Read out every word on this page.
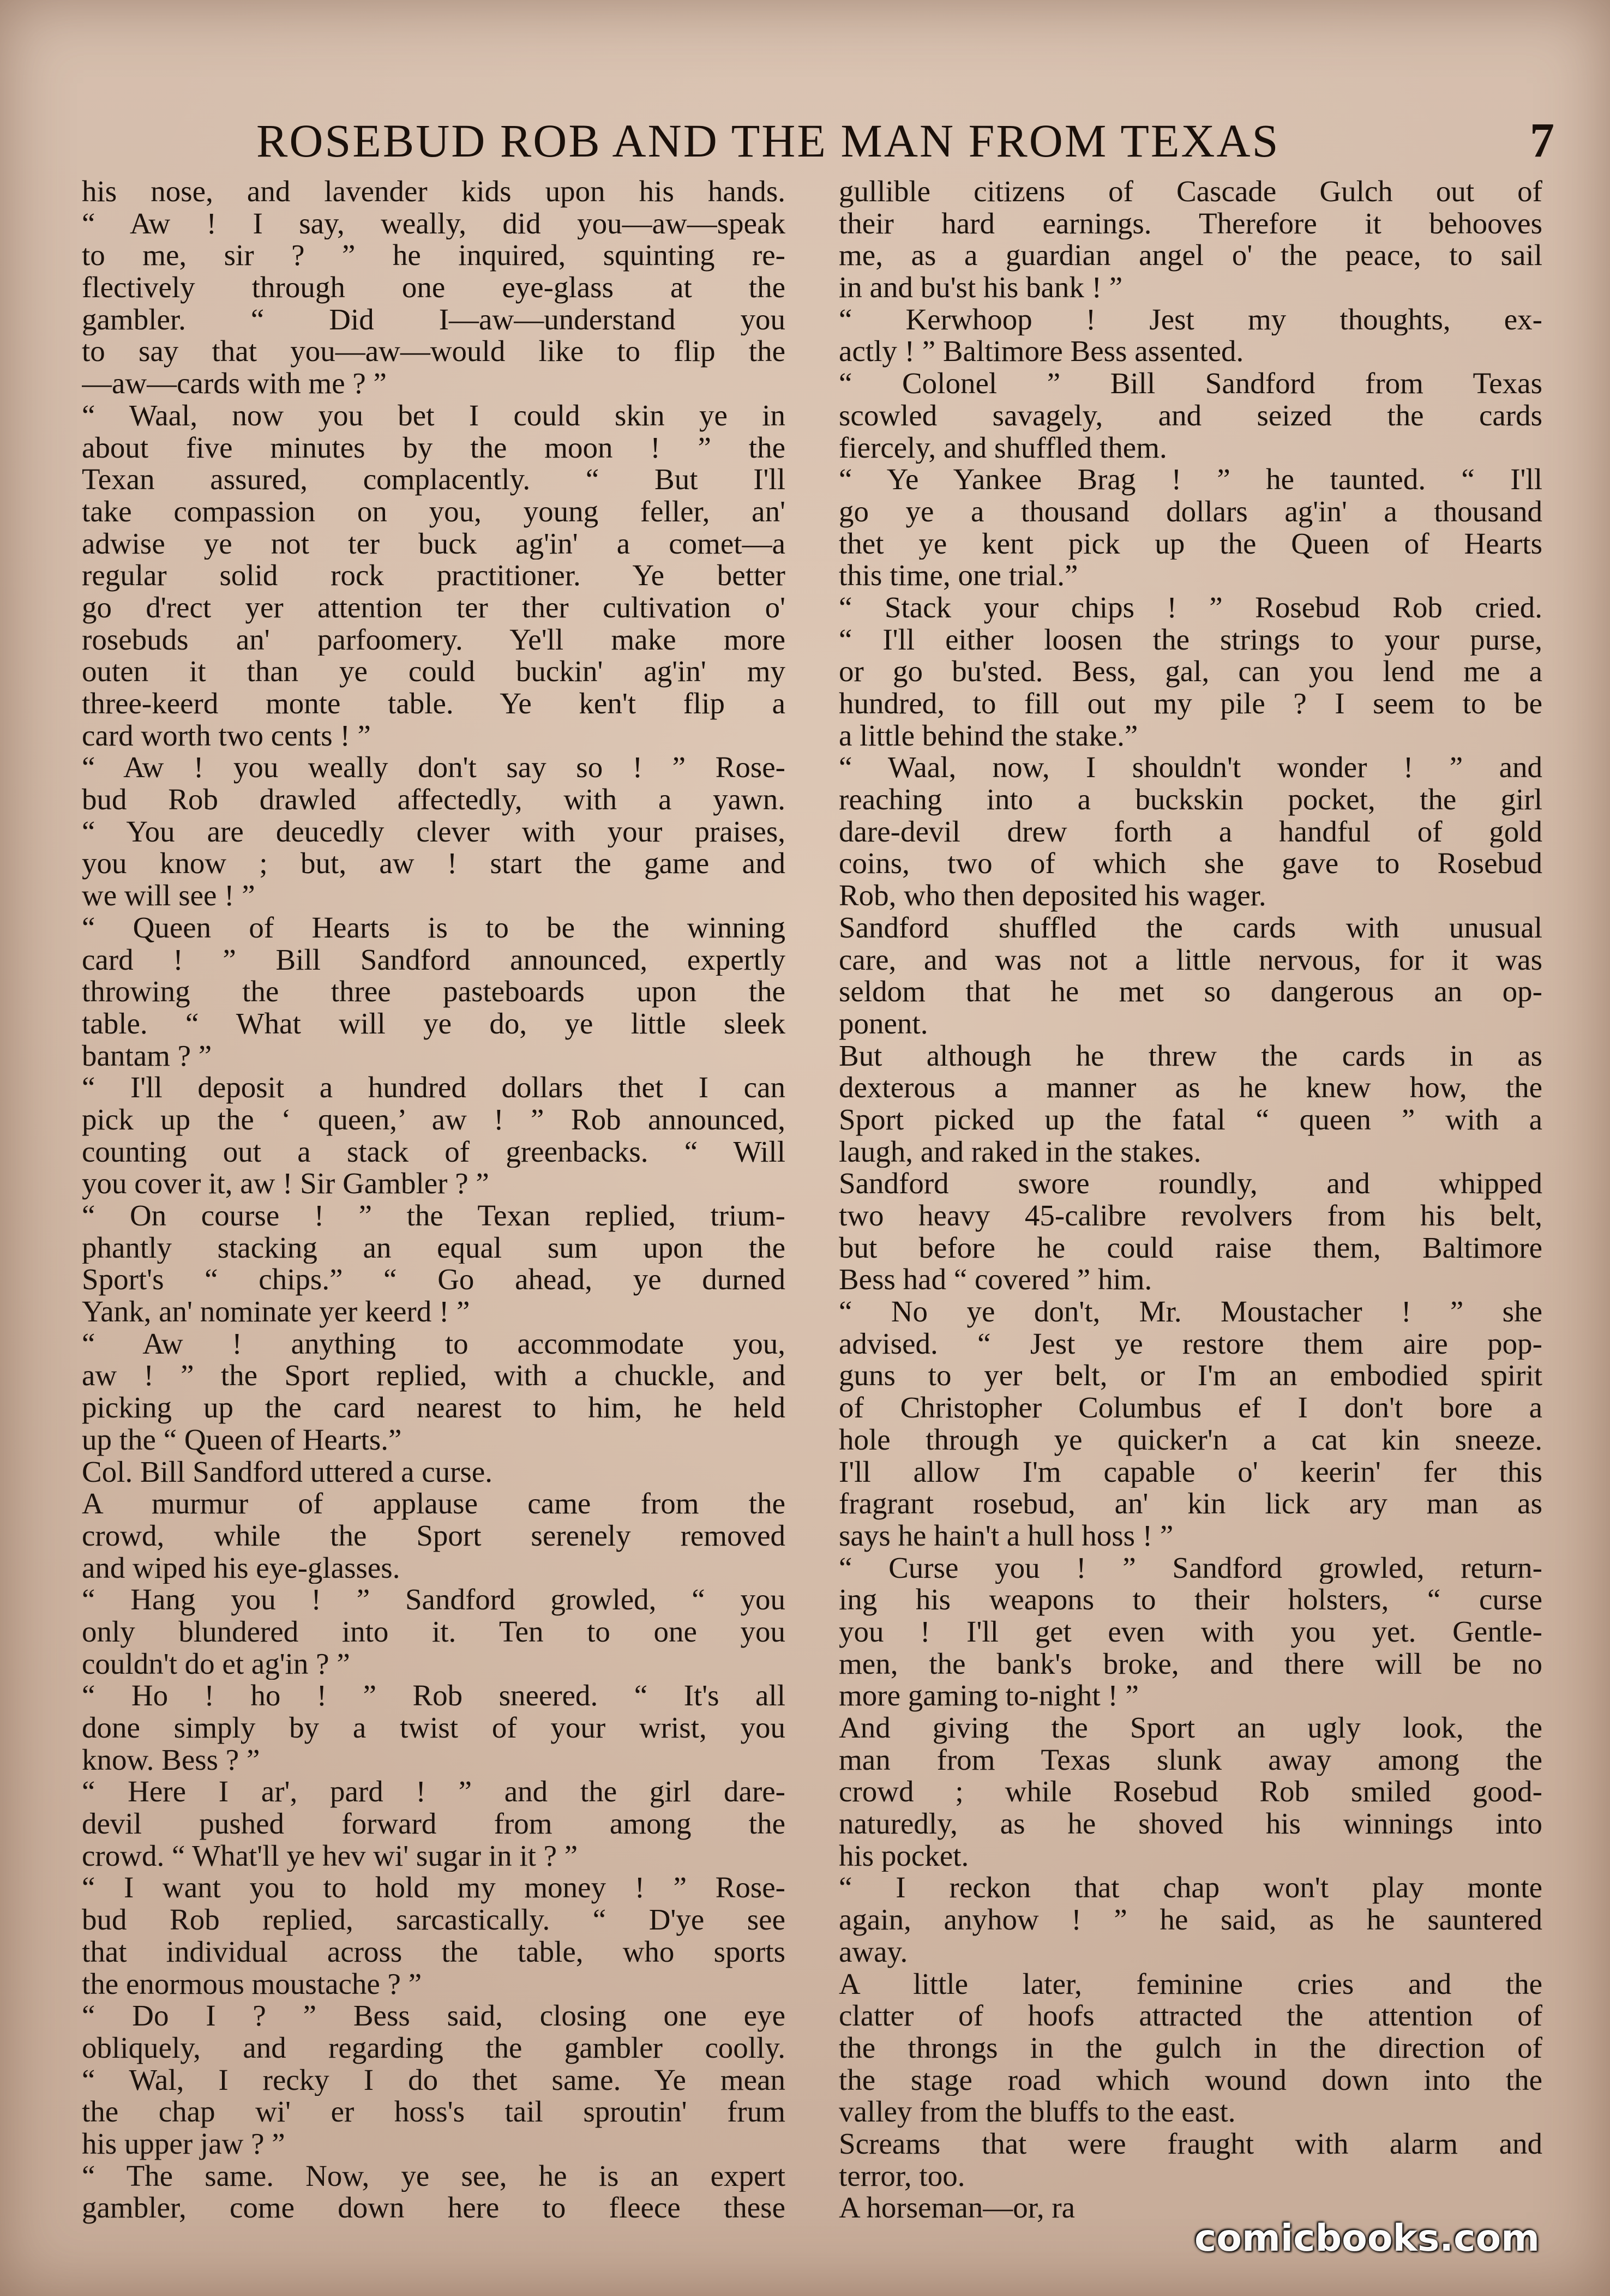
ROSEBUD ROB AND THE MAN FROM TEXAS	7
his nose, and lavender kids upon his hands.
“ Aw ! I say, weally, did you—aw—speak
to me, sir ? ” he inquired, squinting re-
flectively through one eye-glass at the
gambler. “ Did I—aw—understand you
to say that you—aw—would like to flip the
—aw—cards with me ? ”
“ Waal, now you bet I could skin ye in
about five minutes by the moon ! ” the
Texan assured, complacently. “ But I'll
take compassion on you, young feller, an'
adwise ye not ter buck ag'in' a comet—a
regular solid rock practitioner. Ye better
go d'rect yer attention ter ther cultivation o'
rosebuds an' parfoomery. Ye'll make more
outen it than ye could buckin' ag'in' my
three-keerd monte table. Ye ken't flip a
card worth two cents ! ”
“ Aw ! you weally don't say so ! ” Rose-
bud Rob drawled affectedly, with a yawn.
“ You are deucedly clever with your praises,
you know ; but, aw ! start the game and
we will see ! ”
“ Queen of Hearts is to be the winning
card ! ” Bill Sandford announced, expertly
throwing the three pasteboards upon the
table. “ What will ye do, ye little sleek
bantam ? ”
“ I'll deposit a hundred dollars thet I can
pick up the ‘ queen,’ aw ! ” Rob announced,
counting out a stack of greenbacks. “ Will
you cover it, aw ! Sir Gambler ? ”
“ On course ! ” the Texan replied, trium-
phantly stacking an equal sum upon the
Sport's “ chips.” “ Go ahead, ye durned
Yank, an' nominate yer keerd ! ”
“ Aw ! anything to accommodate you,
aw ! ” the Sport replied, with a chuckle, and
picking up the card nearest to him, he held
up the “ Queen of Hearts.”
Col. Bill Sandford uttered a curse.
A murmur of applause came from the
crowd, while the Sport serenely removed
and wiped his eye-glasses.
“ Hang you ! ” Sandford growled, “ you
only blundered into it. Ten to one you
couldn't do et ag'in ? ”
“ Ho ! ho ! ” Rob sneered. “ It's all
done simply by a twist of your wrist, you
know. Bess ? ”
“ Here I ar', pard ! ” and the girl dare-
devil pushed forward from among the
crowd. “ What'll ye hev wi' sugar in it ? ”
“ I want you to hold my money ! ” Rose-
bud Rob replied, sarcastically. “ D'ye see
that individual across the table, who sports
the enormous moustache ? ”
“ Do I ? ” Bess said, closing one eye
obliquely, and regarding the gambler coolly.
“ Wal, I recky I do thet same. Ye mean
the chap wi' er hoss's tail sproutin' frum
his upper jaw ? ”
“ The same. Now, ye see, he is an expert
gambler, come down here to fleece these
gullible citizens of Cascade Gulch out of
their hard earnings. Therefore it behooves
me, as a guardian angel o' the peace, to sail
in and bu'st his bank ! ”
“ Kerwhoop ! Jest my thoughts, ex-
actly ! ” Baltimore Bess assented.
“ Colonel ” Bill Sandford from Texas
scowled savagely, and seized the cards
fiercely, and shuffled them.
“ Ye Yankee Brag ! ” he taunted. “ I'll
go ye a thousand dollars ag'in' a thousand
thet ye kent pick up the Queen of Hearts
this time, one trial.”
“ Stack your chips ! ” Rosebud Rob cried.
“ I'll either loosen the strings to your purse,
or go bu'sted. Bess, gal, can you lend me a
hundred, to fill out my pile ? I seem to be
a little behind the stake.”
“ Waal, now, I shouldn't wonder ! ” and
reaching into a buckskin pocket, the girl
dare-devil drew forth a handful of gold
coins, two of which she gave to Rosebud
Rob, who then deposited his wager.
Sandford shuffled the cards with unusual
care, and was not a little nervous, for it was
seldom that he met so dangerous an op-
ponent.
But although he threw the cards in as
dexterous a manner as he knew how, the
Sport picked up the fatal “ queen ” with a
laugh, and raked in the stakes.
Sandford swore roundly, and whipped
two heavy 45-calibre revolvers from his belt,
but before he could raise them, Baltimore
Bess had “ covered ” him.
“ No ye don't, Mr. Moustacher ! ” she
advised. “ Jest ye restore them aire pop-
guns to yer belt, or I'm an embodied spirit
of Christopher Columbus ef I don't bore a
hole through ye quicker'n a cat kin sneeze.
I'll allow I'm capable o' keerin' fer this
fragrant rosebud, an' kin lick ary man as
says he hain't a hull hoss ! ”
“ Curse you ! ” Sandford growled, return-
ing his weapons to their holsters, “ curse
you ! I'll get even with you yet. Gentle-
men, the bank's broke, and there will be no
more gaming to-night ! ”
And giving the Sport an ugly look, the
man from Texas slunk away among the
crowd ; while Rosebud Rob smiled good-
naturedly, as he shoved his winnings into
his pocket.
“ I reckon that chap won't play monte
again, anyhow ! ” he said, as he sauntered
away.
A little later, feminine cries and the
clatter of hoofs attracted the attention of
the throngs in the gulch in the direction of
the stage road which wound down into the
valley from the bluffs to the east.
Screams that were fraught with alarm and
terror, too.
A horseman—or, ra
comicbooks.com
